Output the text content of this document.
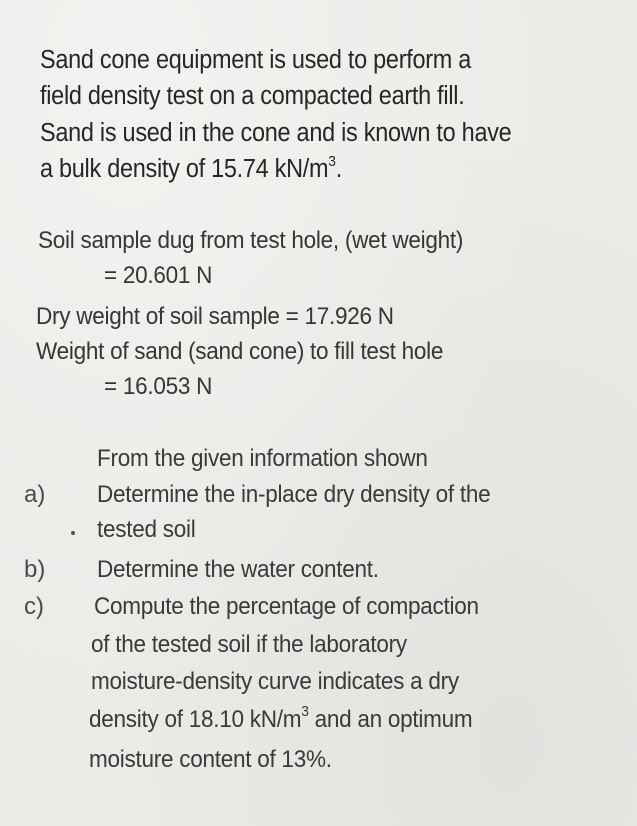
Sand cone equipment is used to perform a
field density test on a compacted earth fill.
Sand is used in the cone and is known to have
a bulk density of 15.74 $kN/m^3$.
Soil sample dug from test hole, (wet weight)
= 20.601 N
Dry weight of soil sample = 17.926 N
Weight of sand (sand cone) to fill test hole
= 16.053 N
From the given information shown
a) Determine the in-place dry density of the
tested soil
b) Determine the water content.
c) Compute the percentage of compaction
of the tested soil if the laboratory
moisture-density curve indicates a dry
density of 18.10 $kN/m^3$ and an optimum
moisture content of 13%.
